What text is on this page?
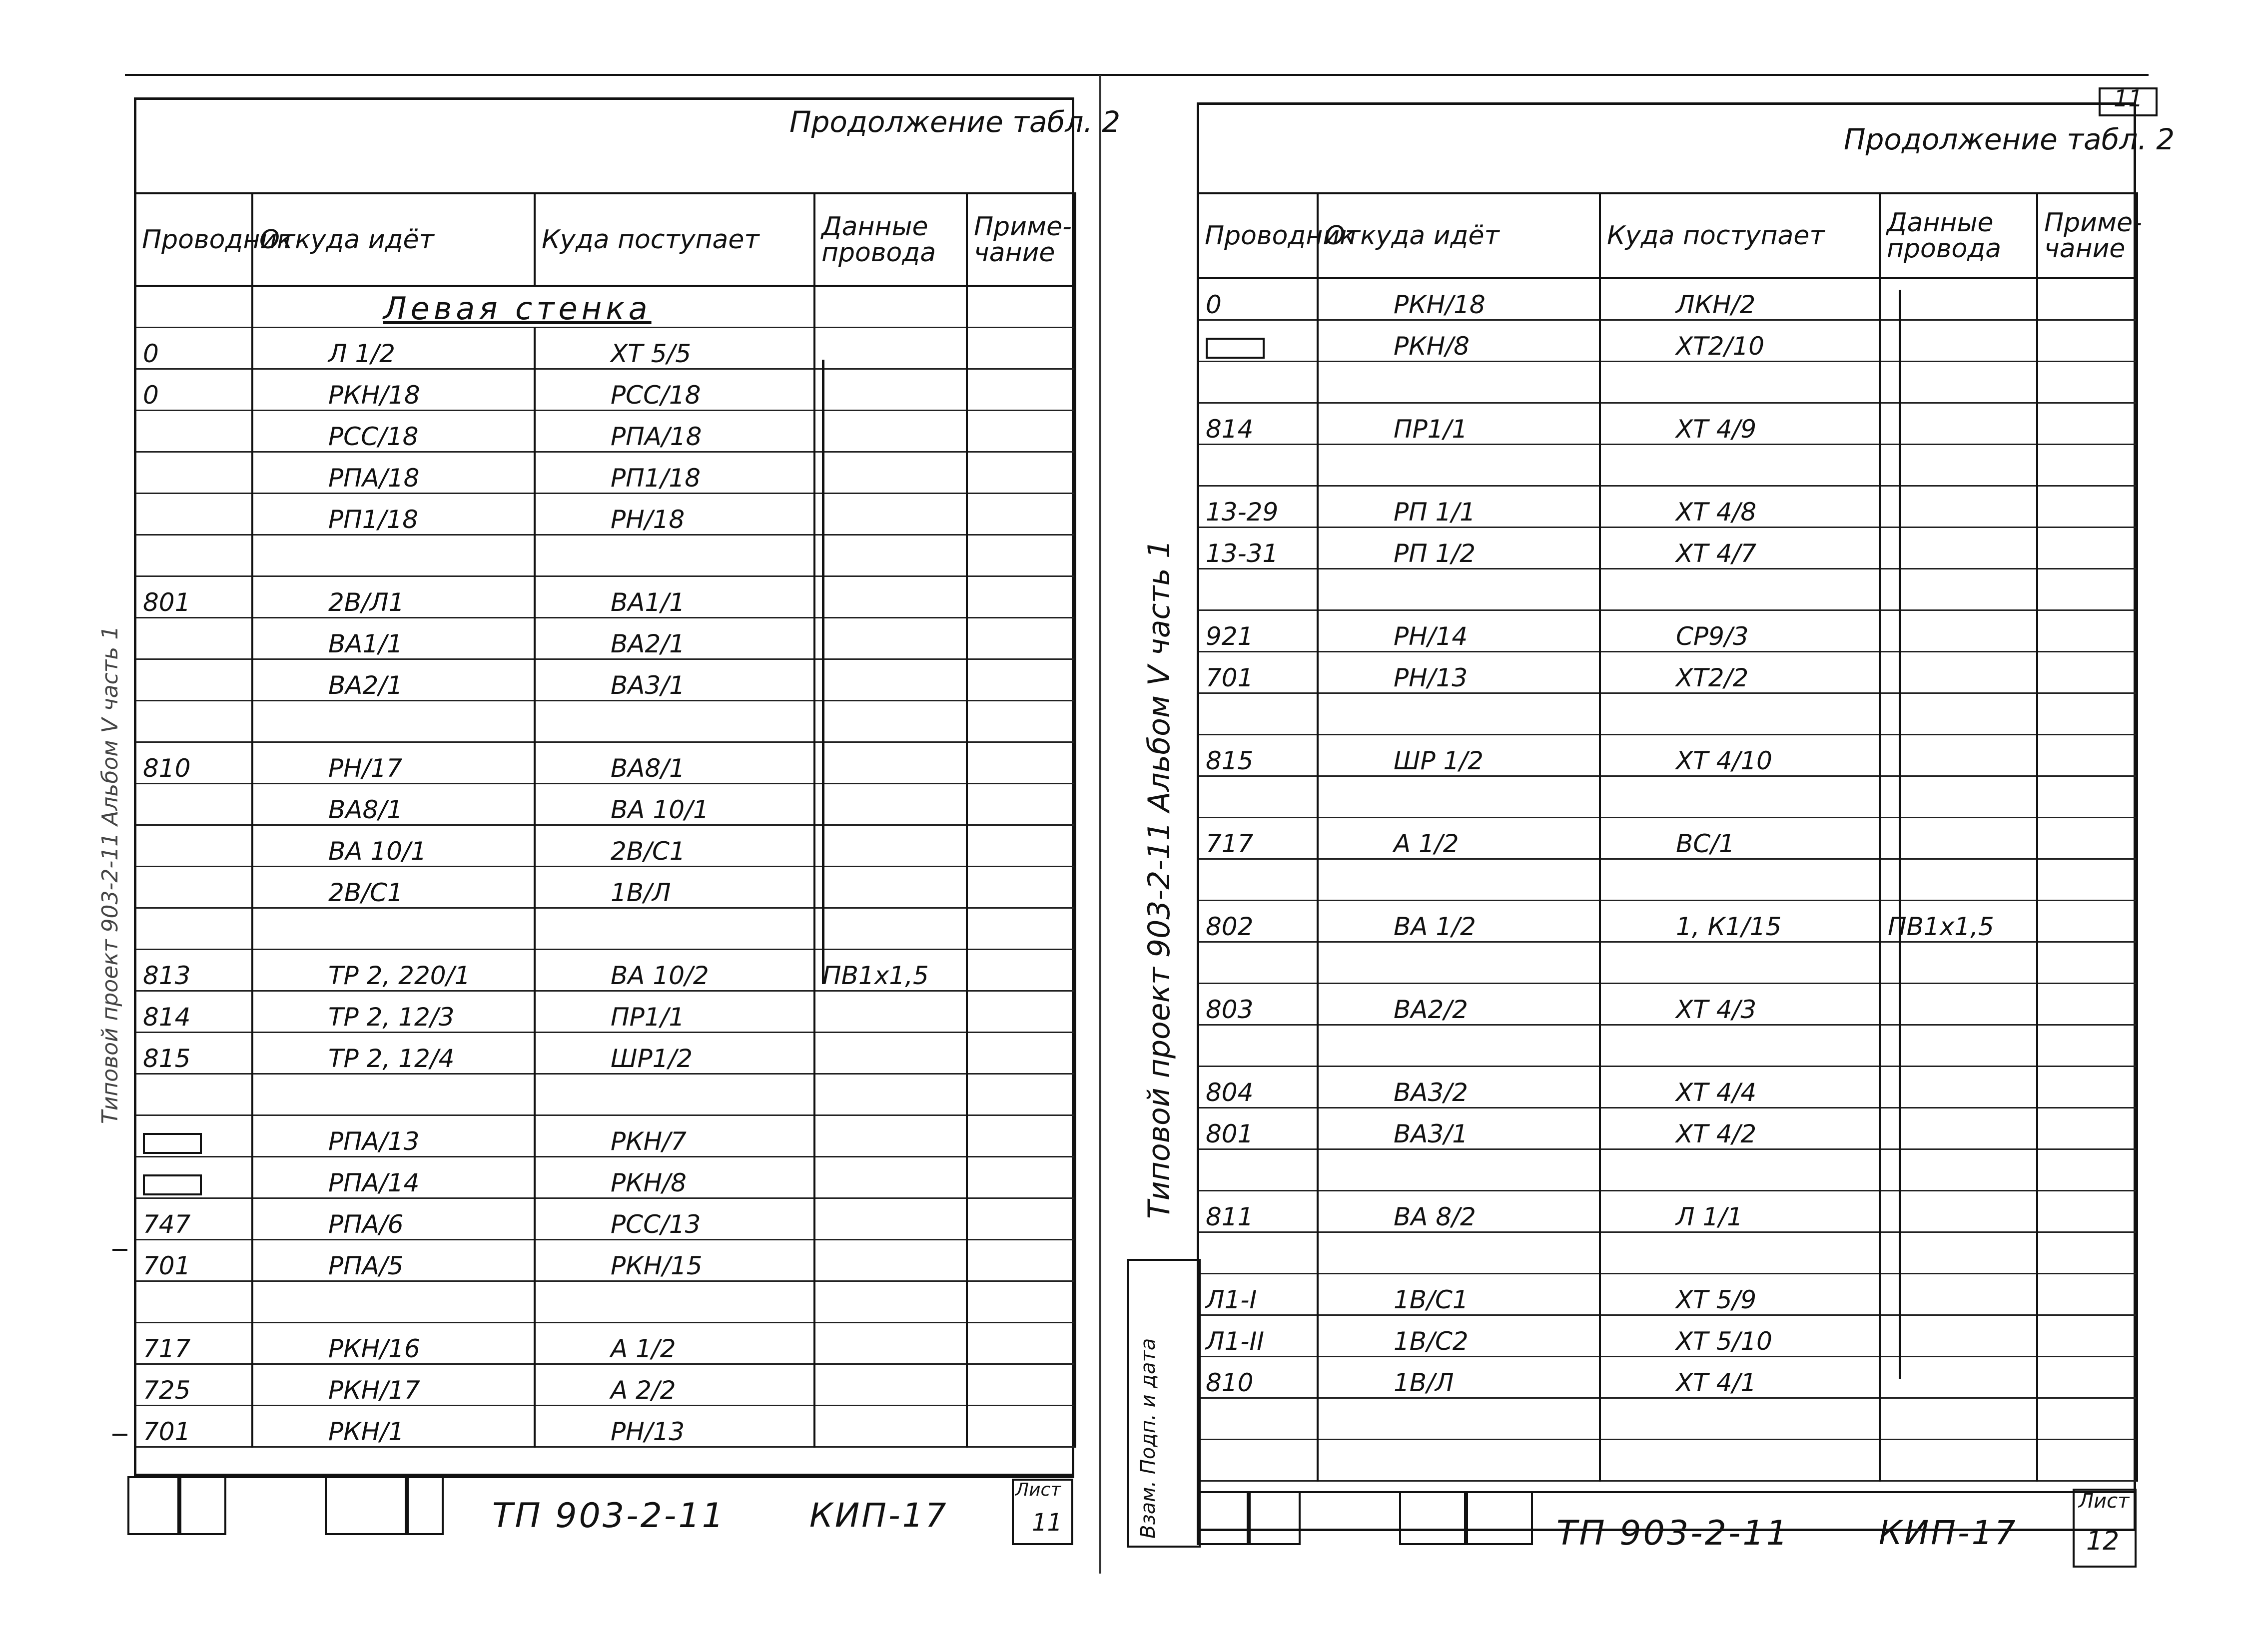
Продолжение табл. 2
Проводник	Откуда идёт	Куда поступает	Данные провода	Приме-чание
	Левая стенка			
0	Л 1/2	ХТ 5/5		
0	РКН/18	РСС/18		
	РСС/18	РПА/18		
	РПА/18	РП1/18		
	РП1/18	РН/18		

801	2В/Л1	ВА1/1		
	ВА1/1	ВА2/1		
	ВА2/1	ВА3/1		

810	РН/17	ВА8/1		
	ВА8/1	ВА 10/1		
	ВА 10/1	2В/С1		
	2В/С1	1В/Л		

813	ТР 2, 220/1	ВА 10/2	ПВ1х1,5	
814	ТР 2, 12/3	ПР1/1		
815	ТР 2, 12/4	ШР1/2		

	РПА/13	РКН/7		
	РПА/14	РКН/8		
747	РПА/6	РСС/13		
701	РПА/5	РКН/15		

717	РКН/16	А 1/2		
725	РКН/17	А 2/2		
701	РКН/1	РН/13		
ТП 903-2-11	КИП-17
Лист
11
Типовой проект 903-2-11 Альбом V часть 1
11
Продолжение табл. 2
Проводник	Откуда идёт	Куда поступает	Данные провода	Приме-чание
0	РКН/18	ЛКН/2		
	РКН/8	ХТ2/10		

814	ПР1/1	ХТ 4/9		

13-29	РП 1/1	ХТ 4/8		
13-31	РП 1/2	ХТ 4/7		

921	РН/14	СР9/3		
701	РН/13	ХТ2/2		

815	ШР 1/2	ХТ 4/10		

717	А 1/2	ВС/1		

802	ВА 1/2	1, К1/15	ПВ1х1,5	

803	ВА2/2	ХТ 4/3		

804	ВА3/2	ХТ 4/4		
801	ВА3/1	ХТ 4/2		

811	ВА 8/2	Л 1/1		

Л1-I	1В/С1	ХТ 5/9		
Л1-II	1В/С2	ХТ 5/10		
810	1В/Л	ХТ 4/1		

ТП 903-2-11	КИП-17
Лист
12
Типовой проект 903-2-11 Альбом V часть 1
Взам. Подп. и дата
